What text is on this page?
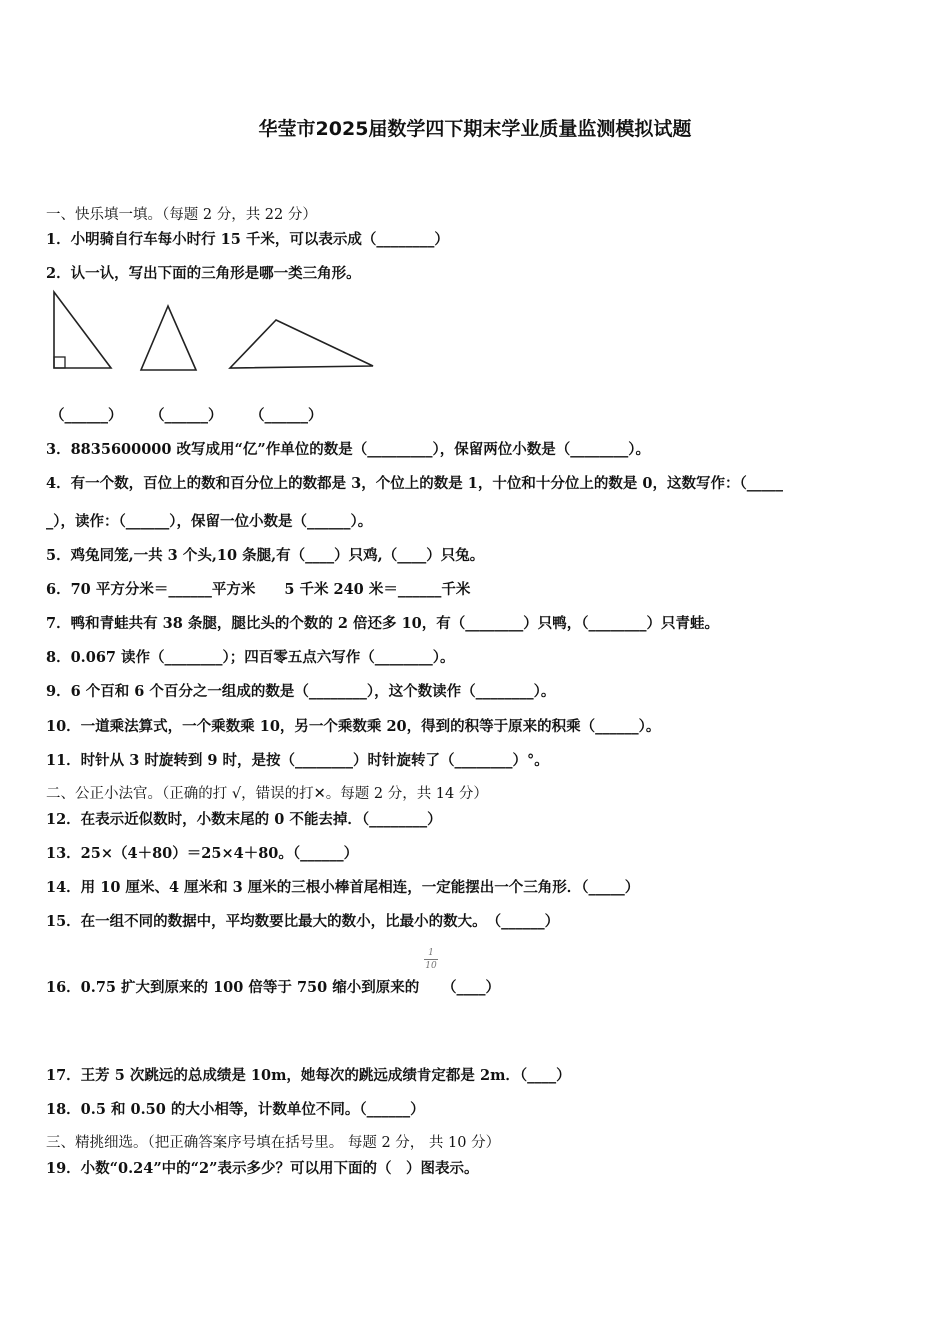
华莹市2025届数学四下期末学业质量监测模拟试题
一、快乐填一填。（每题 2 分，共 22 分）
1．小明骑自行车每小时行 15 千米，可以表示成（________）
2．认一认，写出下面的三角形是哪一类三角形。
（______） （______） （______）
3．8835600000 改写成用“亿”作单位的数是（_________），保留两位小数是（________）。
4．有一个数，百位上的数和百分位上的数都是 3，个位上的数是 1，十位和十分位上的数是 0，这数写作：（_____
_），读作：（______），保留一位小数是（______）。
5．鸡兔同笼,一共 3 个头,10 条腿,有（____）只鸡,（____）只兔。
6．70 平方分米＝______平方米　　5 千米 240 米＝______千米
7．鸭和青蛙共有 38 条腿，腿比头的个数的 2 倍还多 10，有（________）只鸭，（________）只青蛙。
8．0.067 读作（________）；四百零五点六写作（________）。
9．6 个百和 6 个百分之一组成的数是（________），这个数读作（________）。
10．一道乘法算式，一个乘数乘 10，另一个乘数乘 20，得到的积等于原来的积乘（______）。
11．时针从 3 时旋转到 9 时，是按（________）时针旋转了（________）°。
二、公正小法官。（正确的打 √，错误的打✕。每题 2 分，共 14 分）
12．在表示近似数时，小数末尾的 0 不能去掉．（________）
13．25×（4＋80）＝25×4＋80。（______）
14．用 10 厘米、4 厘米和 3 厘米的三根小棒首尾相连，一定能摆出一个三角形．（_____）
15．在一组不同的数据中，平均数要比最大的数小，比最小的数大。　（______）
1
10
16．0.75 扩大到原来的 100 倍等于 750 缩小到原来的 （____）
17．王芳 5 次跳远的总成绩是 10m，她每次的跳远成绩肯定都是 2m．（____）
18．0.5 和 0.50 的大小相等，计数单位不同。（______）
三、精挑细选。（把正确答案序号填在括号里。 每题 2 分， 共 10 分）
19．小数“0.24”中的“2”表示多少？可以用下面的（　）图表示。
